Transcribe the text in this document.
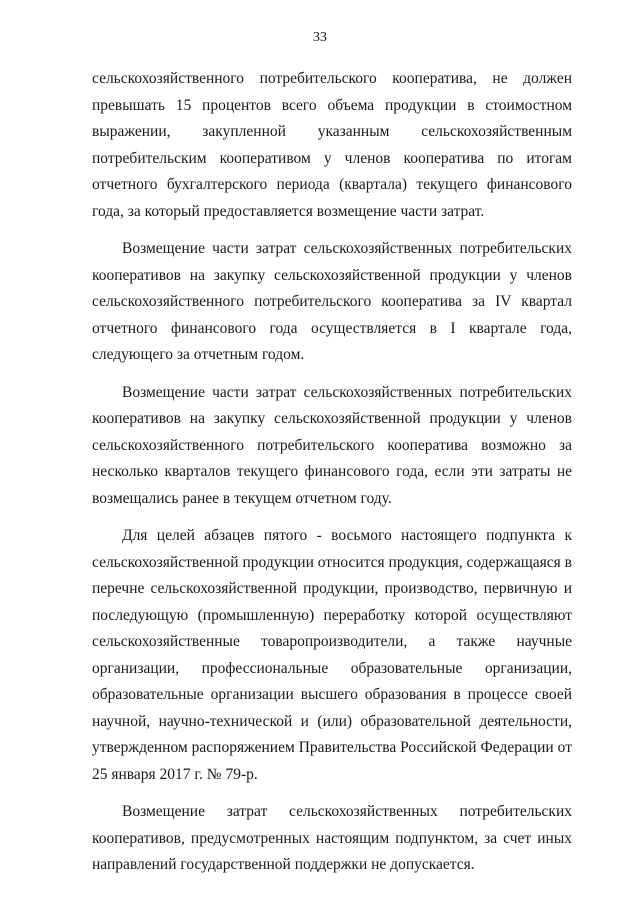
33

сельскохозяйственного потребительского кооператива, не должен превышать 15 процентов всего объема продукции в стоимостном выражении, закупленной указанным сельскохозяйственным потребительским кооперативом у членов кооператива по итогам отчетного бухгалтерского периода (квартала) текущего финансового года, за который предоставляется возмещение части затрат.

Возмещение части затрат сельскохозяйственных потребительских кооперативов на закупку сельскохозяйственной продукции у членов сельскохозяйственного потребительского кооператива за IV квартал отчетного финансового года осуществляется в I квартале года, следующего за отчетным годом.

Возмещение части затрат сельскохозяйственных потребительских кооперативов на закупку сельскохозяйственной продукции у членов сельскохозяйственного потребительского кооператива возможно за несколько кварталов текущего финансового года, если эти затраты не возмещались ранее в текущем отчетном году.

Для целей абзацев пятого - восьмого настоящего подпункта к сельскохозяйственной продукции относится продукция, содержащаяся в перечне сельскохозяйственной продукции, производство, первичную и последующую (промышленную) переработку которой осуществляют сельскохозяйственные товаропроизводители, а также научные организации, профессиональные образовательные организации, образовательные организации высшего образования в процессе своей научной, научно-технической и (или) образовательной деятельности, утвержденном распоряжением Правительства Российской Федерации от 25 января 2017 г. № 79-р.

Возмещение затрат сельскохозяйственных потребительских кооперативов, предусмотренных настоящим подпунктом, за счет иных направлений государственной поддержки не допускается.
